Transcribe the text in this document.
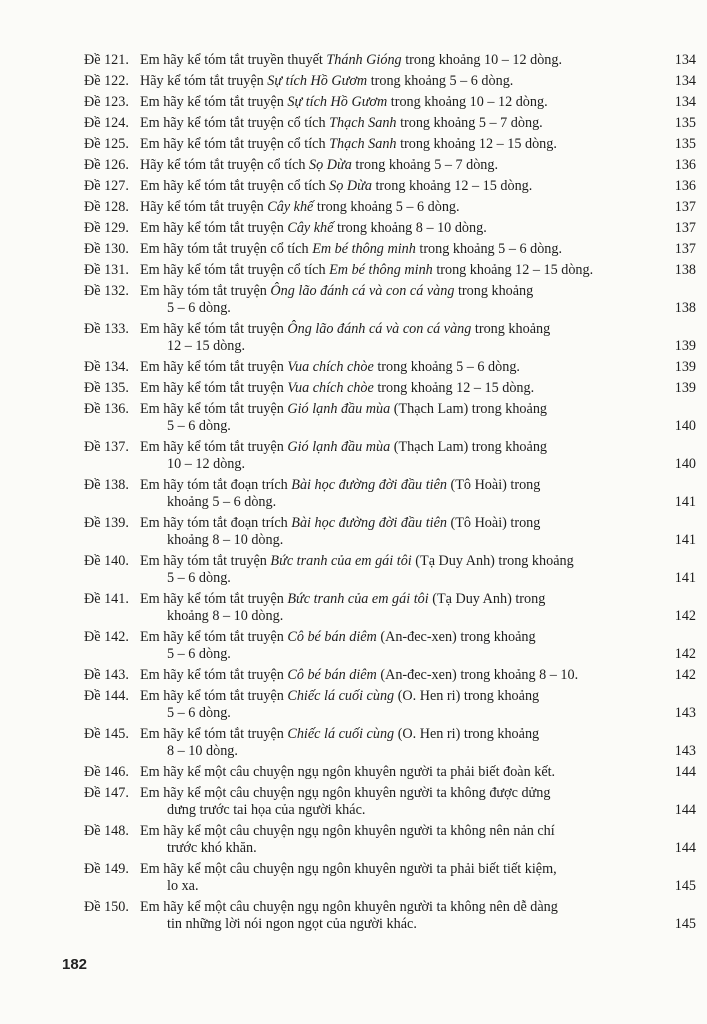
Đề 121. Em hãy kể tóm tắt truyền thuyết Thánh Gióng trong khoảng 10 – 12 dòng.	134
Đề 122. Hãy kể tóm tắt truyện Sự tích Hồ Gươm trong khoảng 5 – 6 dòng.	134
Đề 123. Em hãy kể tóm tắt truyện Sự tích Hồ Gươm trong khoảng 10 – 12 dòng.	134
Đề 124. Em hãy kể tóm tắt truyện cổ tích Thạch Sanh trong khoảng 5 – 7 dòng.	135
Đề 125. Em hãy kể tóm tắt truyện cổ tích Thạch Sanh trong khoảng 12 – 15 dòng.	135
Đề 126. Hãy kể tóm tắt truyện cổ tích Sọ Dừa trong khoảng 5 – 7 dòng.	136
Đề 127. Em hãy kể tóm tắt truyện cổ tích Sọ Dừa trong khoảng 12 – 15 dòng.	136
Đề 128. Hãy kể tóm tắt truyện Cây khế trong khoảng 5 – 6 dòng.	137
Đề 129. Em hãy kể tóm tắt truyện Cây khế trong khoảng 8 – 10 dòng.	137
Đề 130. Em hãy tóm tắt truyện cổ tích Em bé thông minh trong khoảng 5 – 6 dòng.	137
Đề 131. Em hãy kể tóm tắt truyện cổ tích Em bé thông minh trong khoảng 12 – 15 dòng.	138
Đề 132. Em hãy tóm tắt truyện Ông lão đánh cá và con cá vàng trong khoảng
5 – 6 dòng.	138
Đề 133. Em hãy kể tóm tắt truyện Ông lão đánh cá và con cá vàng trong khoảng
12 – 15 dòng.	139
Đề 134. Em hãy kể tóm tắt truyện Vua chích chòe trong khoảng 5 – 6 dòng.	139
Đề 135. Em hãy kể tóm tắt truyện Vua chích chòe trong khoảng 12 – 15 dòng.	139
Đề 136. Em hãy kể tóm tắt truyện Gió lạnh đầu mùa (Thạch Lam) trong khoảng
5 – 6 dòng.	140
Đề 137. Em hãy kể tóm tắt truyện Gió lạnh đầu mùa (Thạch Lam) trong khoảng
10 – 12 dòng.	140
Đề 138. Em hãy tóm tắt đoạn trích Bài học đường đời đầu tiên (Tô Hoài) trong
khoảng 5 – 6 dòng.	141
Đề 139. Em hãy tóm tắt đoạn trích Bài học đường đời đầu tiên (Tô Hoài) trong
khoảng 8 – 10 dòng.	141
Đề 140. Em hãy tóm tắt truyện Bức tranh của em gái tôi (Tạ Duy Anh) trong khoảng
5 – 6 dòng.	141
Đề 141. Em hãy kể tóm tắt truyện Bức tranh của em gái tôi (Tạ Duy Anh) trong
khoảng 8 – 10 dòng.	142
Đề 142. Em hãy kể tóm tắt truyện Cô bé bán diêm (An-đec-xen) trong khoảng
5 – 6 dòng.	142
Đề 143. Em hãy kể tóm tắt truyện Cô bé bán diêm (An-đec-xen) trong khoảng 8 – 10.	142
Đề 144. Em hãy kể tóm tắt truyện Chiếc lá cuối cùng (O. Hen ri) trong khoảng
5 – 6 dòng.	143
Đề 145. Em hãy kể tóm tắt truyện Chiếc lá cuối cùng (O. Hen ri) trong khoảng
8 – 10 dòng.	143
Đề 146. Em hãy kể một câu chuyện ngụ ngôn khuyên người ta phải biết đoàn kết.	144
Đề 147. Em hãy kể một câu chuyện ngụ ngôn khuyên người ta không được dửng
dưng trước tai họa của người khác.	144
Đề 148. Em hãy kể một câu chuyện ngụ ngôn khuyên người ta không nên nản chí
trước khó khăn.	144
Đề 149. Em hãy kể một câu chuyện ngụ ngôn khuyên người ta phải biết tiết kiệm,
lo xa.	145
Đề 150. Em hãy kể một câu chuyện ngụ ngôn khuyên người ta không nên dễ dàng
tin những lời nói ngon ngọt của người khác.	145
182
